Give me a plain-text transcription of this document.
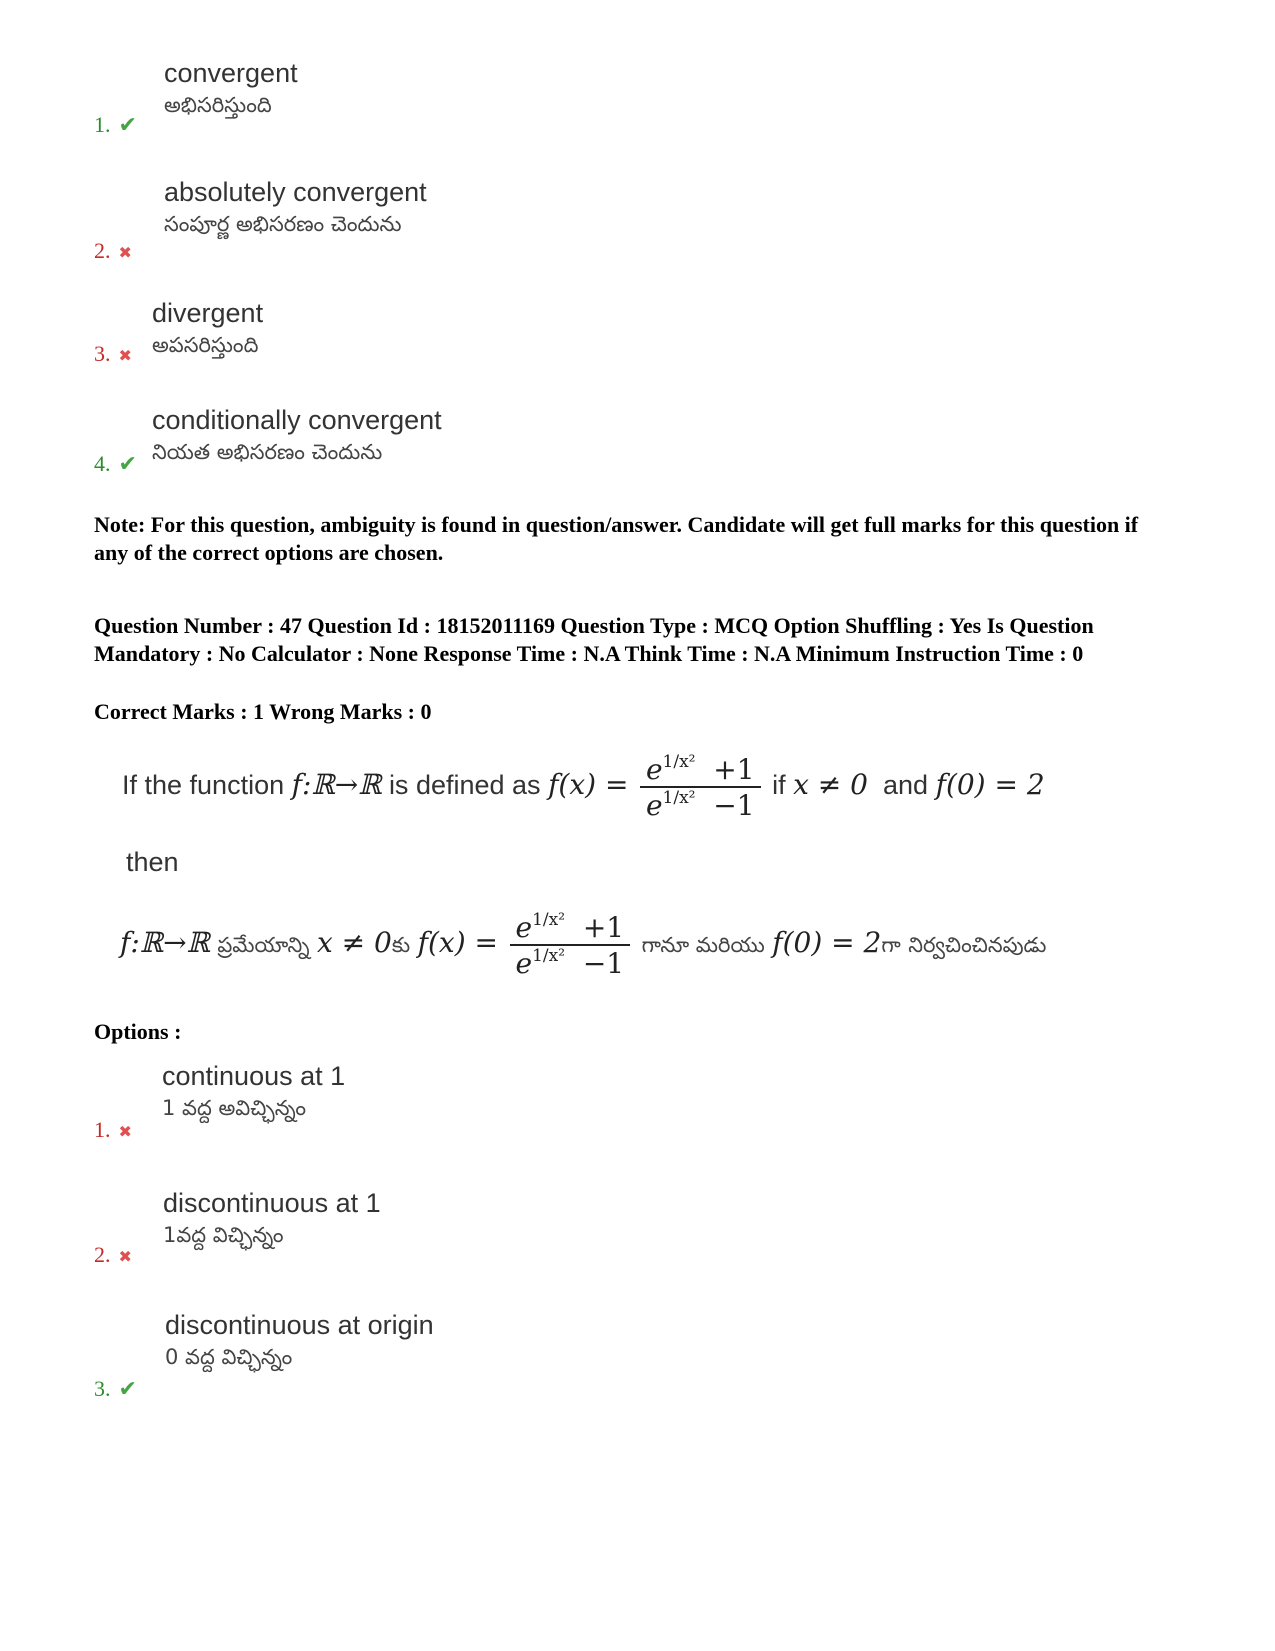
1. ✔
convergent
అభిసరిస్తుంది
2. ✖
absolutely convergent
సంపూర్ణ అభిసరణం చెందును
3. ✖
divergent
అపసరిస్తుంది
4. ✔
conditionally convergent
నియత అభిసరణం చెందును
Note: For this question, ambiguity is found in question/answer. Candidate will get full marks for this question if any of the correct options are chosen.
Question Number : 47 Question Id : 18152011169 Question Type : MCQ Option Shuffling : Yes Is Question Mandatory : No Calculator : None Response Time : N.A Think Time : N.A Minimum Instruction Time : 0
Correct Marks : 1 Wrong Marks : 0
If the function f:ℝ→ℝ is defined as $f(x) = \frac{e^{1/x^2} +1}{e^{1/x^2} -1}$ if x ≠ 0 and f(0) = 2
then
f:ℝ→ℝ ప్రమేయాన్ని x ≠ 0కు $f(x) = \frac{e^{1/x^2} +1}{e^{1/x^2} -1}$ గానూ మరియు f(0) = 2గా నిర్వచించినపుడు
Options :
1. ✖
continuous at 1
1 వద్ద అవిచ్ఛిన్నం
2. ✖
discontinuous at 1
1వద్ద విచ్ఛిన్నం
3. ✔
discontinuous at origin
0 వద్ద విచ్ఛిన్నం
